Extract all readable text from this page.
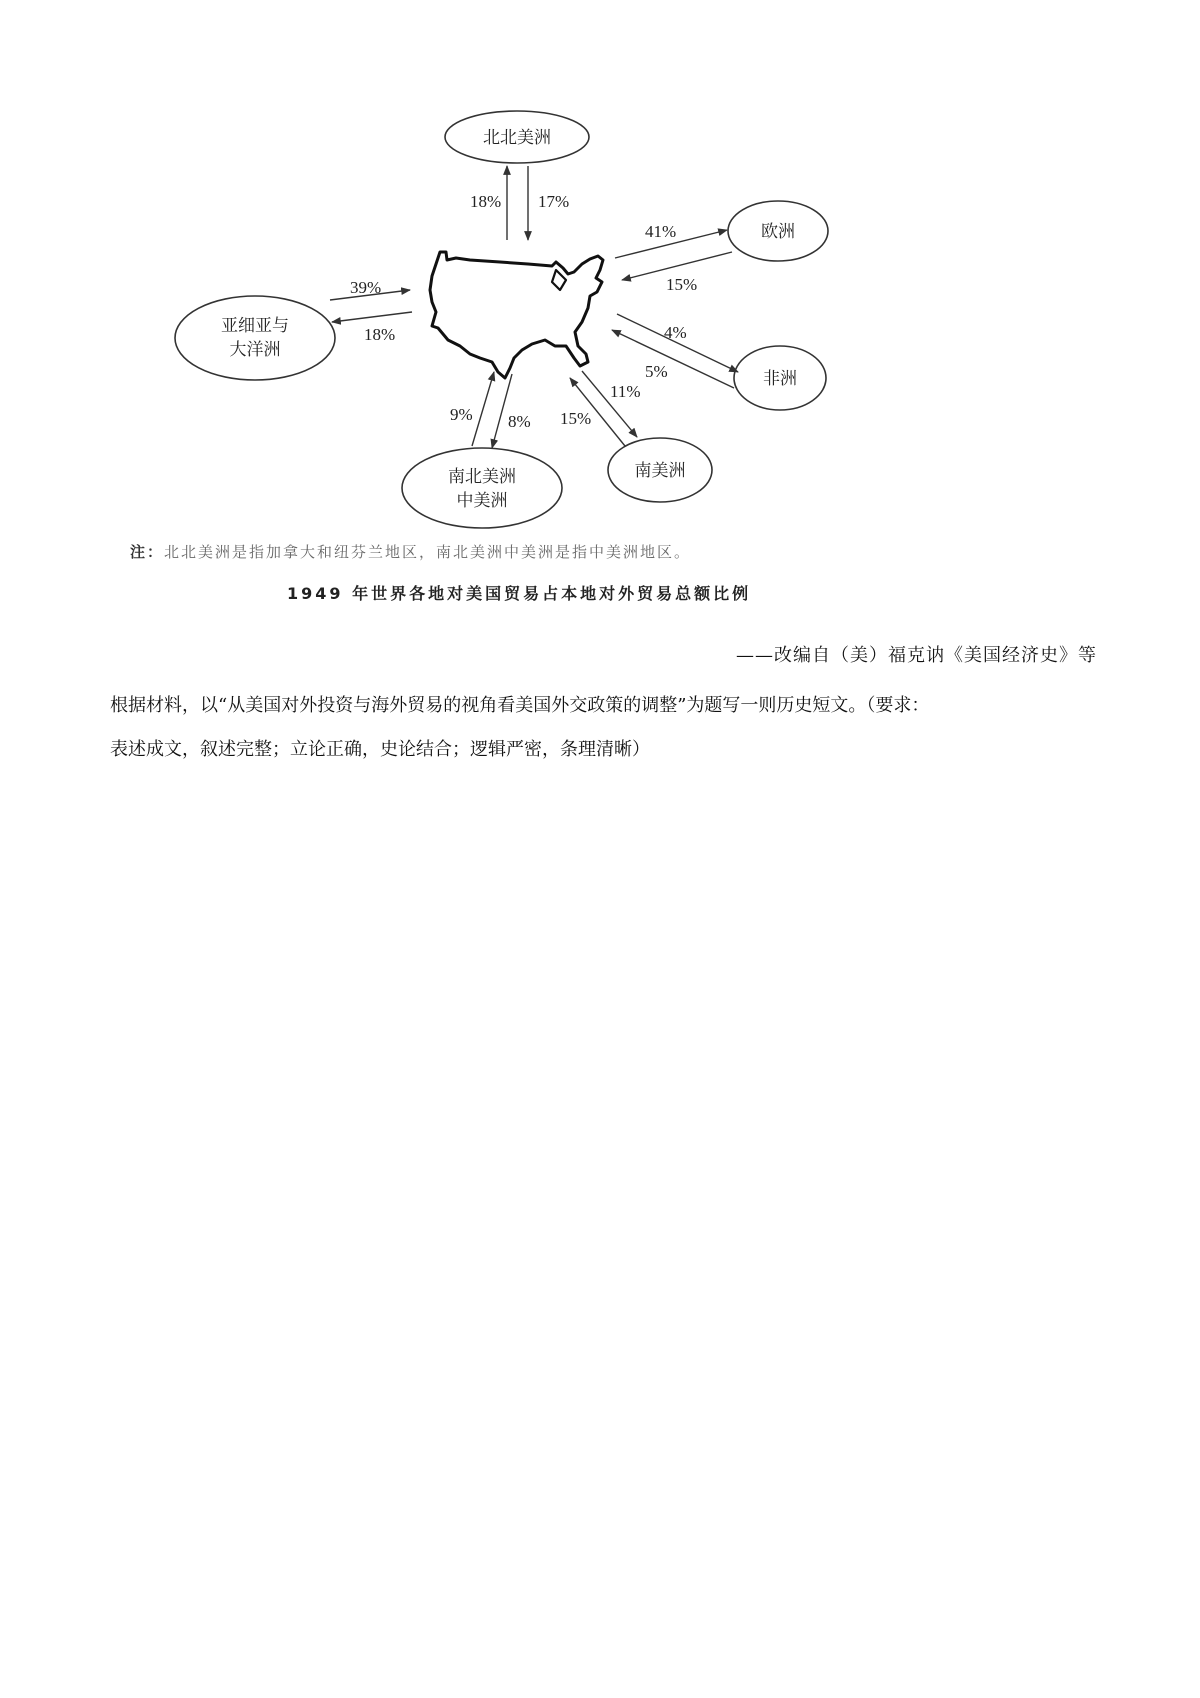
北北美洲
欧洲
非洲
南美洲
南北美洲
中美洲
亚细亚与
大洋洲
18% 17%
41%
15%
4%
5%
11%
15%
9% 8%
39%
18%
注：北北美洲是指加拿大和纽芬兰地区，南北美洲中美洲是指中美洲地区。
1949 年世界各地对美国贸易占本地对外贸易总额比例
——改编自（美）福克讷《美国经济史》等

根据材料，以“从美国对外投资与海外贸易的视角看美国外交政策的调整”为题写一则历史短文。（要求：

表述成文，叙述完整；立论正确，史论结合；逻辑严密，条理清晰）
